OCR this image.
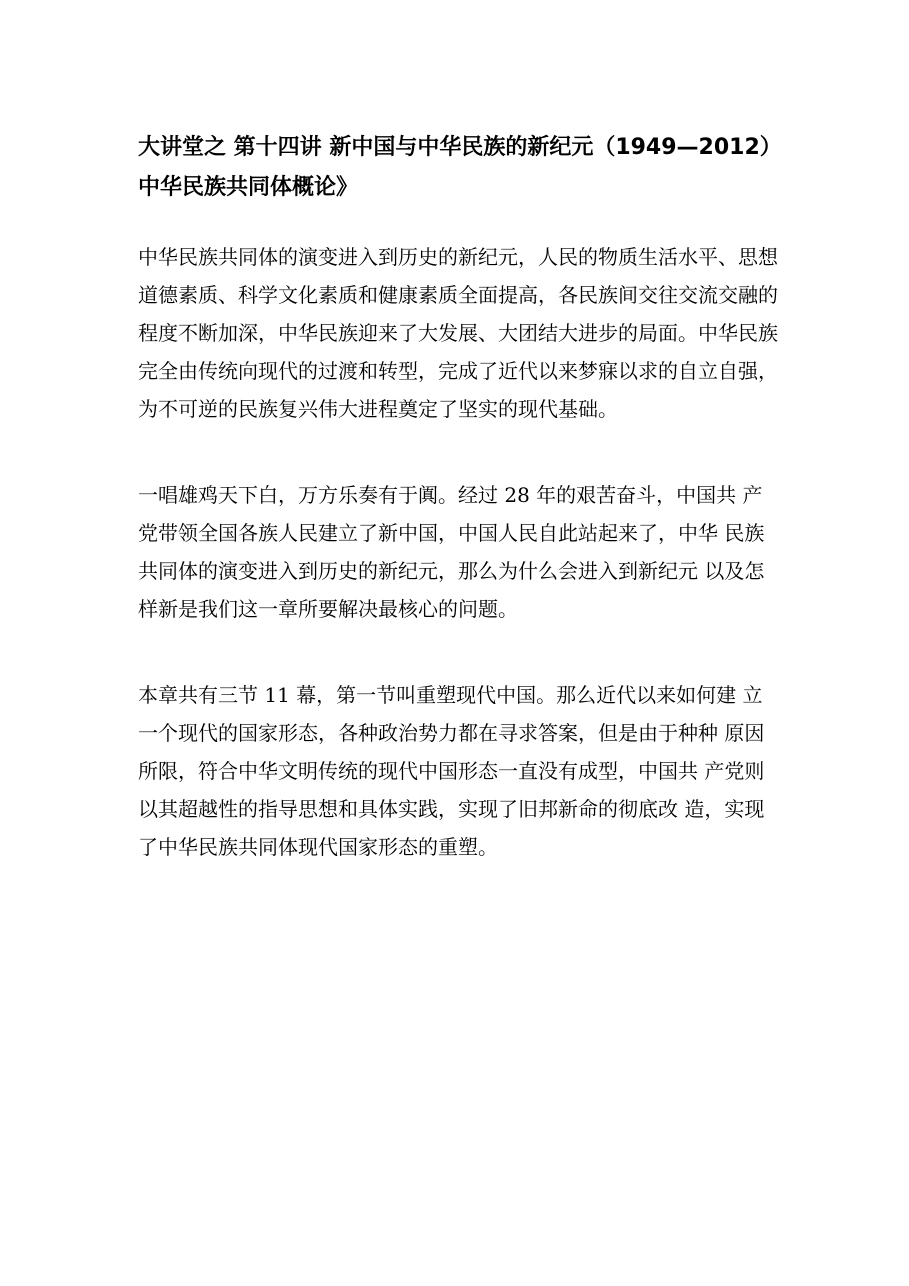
大讲堂之 第十四讲 新中国与中华民族的新纪元（1949—2012）中华民族共同体概论》

中华民族共同体的演变进入到历史的新纪元，人民的物质生活水平、思想道德素质、科学文化素质和健康素质全面提高，各民族间交往交流交融的程度不断加深，中华民族迎来了大发展、大团结大进步的局面。中华民族完全由传统向现代的过渡和转型，完成了近代以来梦寐以求的自立自强，为不可逆的民族复兴伟大进程奠定了坚实的现代基础。

一唱雄鸡天下白，万方乐奏有于阗。经过 28 年的艰苦奋斗，中国共 产党带领全国各族人民建立了新中国，中国人民自此站起来了，中华 民族共同体的演变进入到历史的新纪元，那么为什么会进入到新纪元 以及怎样新是我们这一章所要解决最核心的问题。

本章共有三节 11 幕，第一节叫重塑现代中国。那么近代以来如何建 立一个现代的国家形态，各种政治势力都在寻求答案，但是由于种种 原因所限，符合中华文明传统的现代中国形态一直没有成型，中国共 产党则以其超越性的指导思想和具体实践，实现了旧邦新命的彻底改 造，实现了中华民族共同体现代国家形态的重塑。
